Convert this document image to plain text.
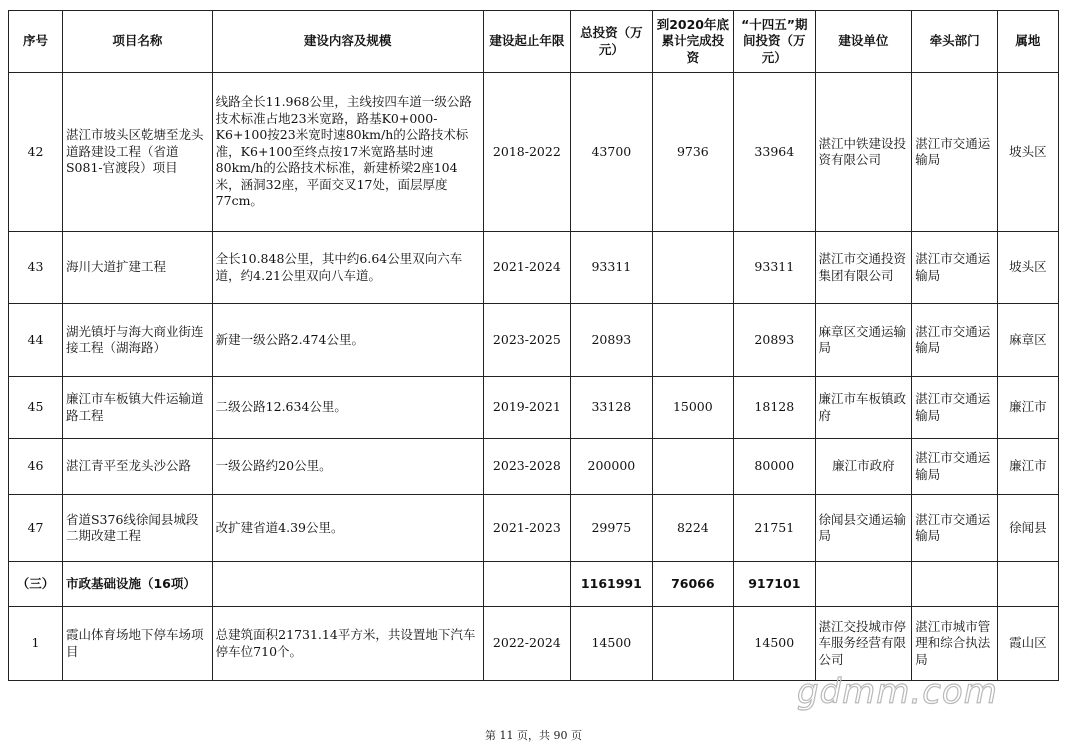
序号	项目名称	建设内容及规模	建设起止年限	总投资（万元）	到2020年底累计完成投资	“十四五”期间投资（万元）	建设单位	牵头部门	属地
42	湛江市坡头区乾塘至龙头道路建设工程（省道S081-官渡段）项目	线路全长11.968公里，主线按四车道一级公路技术标准占地23米宽路，路基K0+000-K6+100按23米宽时速80km/h的公路技术标准，K6+100至终点按17米宽路基时速80km/h的公路技术标准，新建桥梁2座104米，涵洞32座，平面交叉17处，面层厚度77cm。	2018-2022	43700	9736	33964	湛江中铁建设投资有限公司	湛江市交通运输局	坡头区
43	海川大道扩建工程	全长10.848公里，其中约6.64公里双向六车道，约4.21公里双向八车道。	2021-2024	93311		93311	湛江市交通投资集团有限公司	湛江市交通运输局	坡头区
44	湖光镇圩与海大商业街连接工程（湖海路）	新建一级公路2.474公里。	2023-2025	20893		20893	麻章区交通运输局	湛江市交通运输局	麻章区
45	廉江市车板镇大件运输道路工程	二级公路12.634公里。	2019-2021	33128	15000	18128	廉江市车板镇政府	湛江市交通运输局	廉江市
46	湛江青平至龙头沙公路	一级公路约20公里。	2023-2028	200000		80000	廉江市政府	湛江市交通运输局	廉江市
47	省道S376线徐闻县城段二期改建工程	改扩建省道4.39公里。	2021-2023	29975	8224	21751	徐闻县交通运输局	湛江市交通运输局	徐闻县
（三）	市政基础设施（16项）			1161991	76066	917101			
1	霞山体育场地下停车场项目	总建筑面积21731.14平方米，共设置地下汽车停车位710个。	2022-2024	14500		14500	湛江交投城市停车服务经营有限公司	湛江市城市管理和综合执法局	霞山区
gdmm.com
第 11 页，共 90 页
